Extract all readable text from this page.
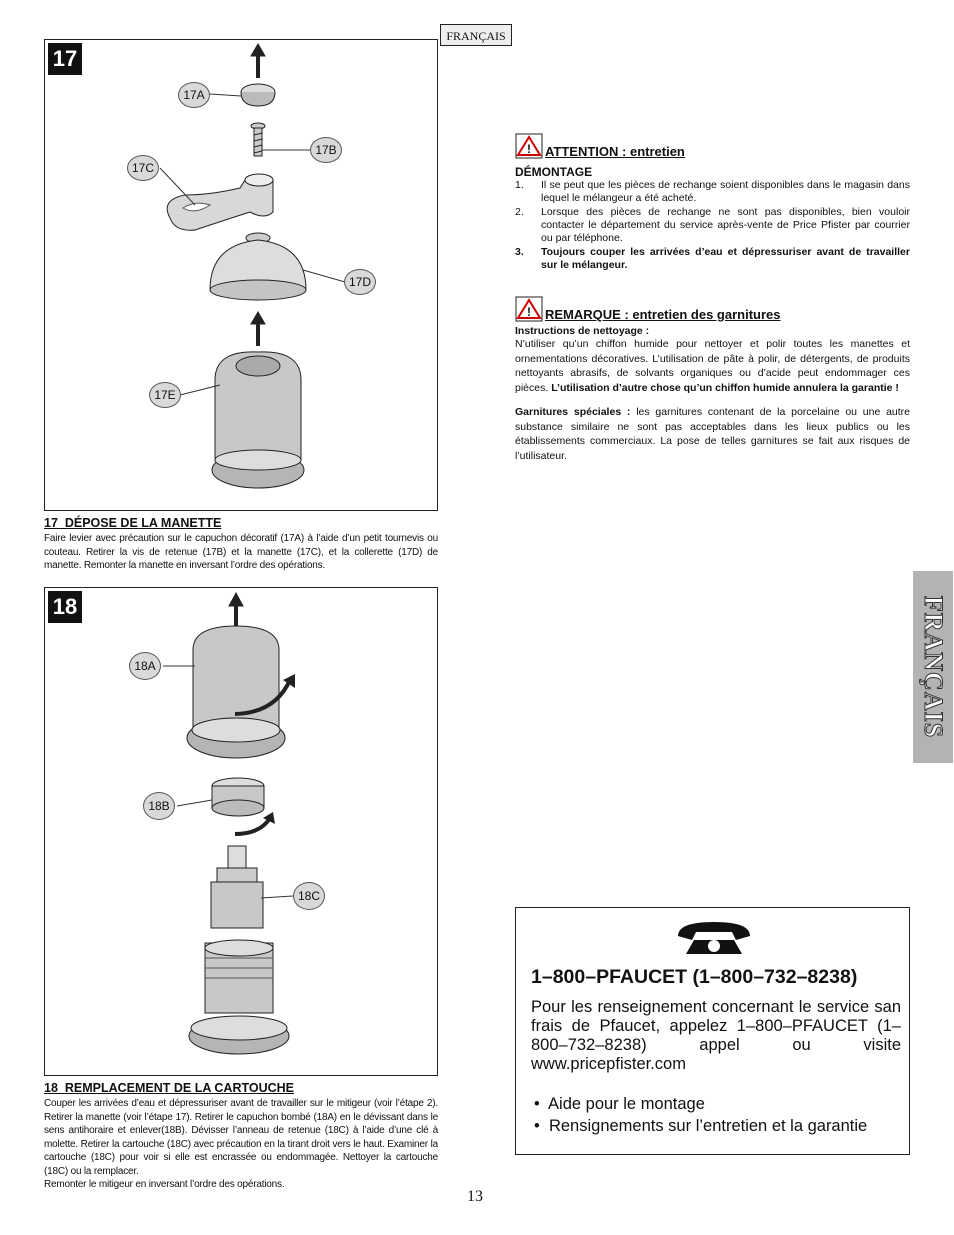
FRANÇAIS
FRANÇAIS
17
17A
17B
17C
17D
17E
17  DÉPOSE DE LA MANETTE
Faire levier avec précaution sur le capuchon décoratif (17A) à l’aide d’un petit tournevis ou couteau. Retirer la vis de retenue (17B) et la manette (17C), et la collerette (17D) de manette. Remonter la manette en inversant l’ordre des opérations.
18
18A
18B
18C
18  REMPLACEMENT DE LA CARTOUCHE
Couper les arrivées d’eau et dépressuriser avant de travailler sur le mitigeur (voir l’étape 2). Retirer la manette (voir l’étape 17). Retirer le capuchon bombé (18A) en le dévissant dans le sens antihoraire et enlever(18B). Dévisser l’anneau de retenue (18C) à l’aide d’une clé à molette. Retirer la cartouche (18C) avec précaution en la tirant droit vers le haut. Examiner la cartouche (18C) pour voir si elle est encrassée ou endommagée. Nettoyer la cartouche (18C) ou la remplacer.
Remonter le mitigeur en inversant l’ordre des opérations.
! ATTENTION : entretien
DÉMONTAGE
1.	Il se peut que les pièces de rechange soient disponibles dans le magasin dans lequel le mélangeur a été acheté.
2.	Lorsque des pièces de rechange ne sont pas disponibles, bien vouloir contacter le département du service après-vente de Price Pfister par courrier ou par téléphone.
3.	Toujours couper les arrivées d’eau et dépressuriser avant de travailler sur le mélangeur.
! REMARQUE : entretien des garnitures
Instructions de nettoyage :
N’utiliser qu’un chiffon humide pour nettoyer et polir toutes les manettes et ornementations décoratives. L’utilisation de pâte à polir, de détergents, de produits nettoyants abrasifs, de solvants organiques ou d’acide peut endommager ces pièces. L’utilisation d’autre chose qu’un chiffon humide annulera la garantie !
Garnitures spéciales : les garnitures contenant de la porcelaine ou une autre substance similaire ne sont pas acceptables dans les lieux publics ou les établissements commerciaux. La pose de telles garnitures se fait aux risques de l’utilisateur.
1–800–PFAUCET (1–800–732–8238)
Pour les renseignement concernant le service san frais de Pfaucet, appelez 1–800–PFAUCET (1–800–732–8238) appel ou visite www.pricepfister.com
•  Aide pour le montage
•  Rensignements sur l’entretien et la garantie
13
